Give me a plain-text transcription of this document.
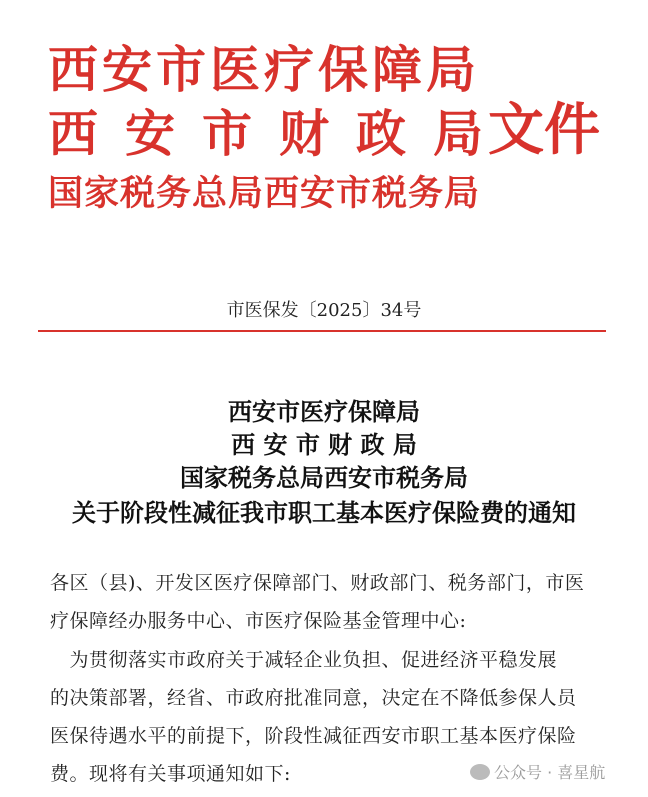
西安市医疗保障局
西安市财政局
文件
国家税务总局西安市税务局
市医保发〔2025〕34号
西安市医疗保障局
西 安 市 财 政 局
国家税务总局西安市税务局
关于阶段性减征我市职工基本医疗保险费的通知
各区（县)、开发区医疗保障部门、财政部门、税务部门，市医
疗保障经办服务中心、市医疗保险基金管理中心:
　为贯彻落实市政府关于减轻企业负担、促进经济平稳发展
的决策部署，经省、市政府批准同意，决定在不降低参保人员
医保待遇水平的前提下，阶段性减征西安市职工基本医疗保险
费。现将有关事项通知如下:	公众号 · 喜星航
